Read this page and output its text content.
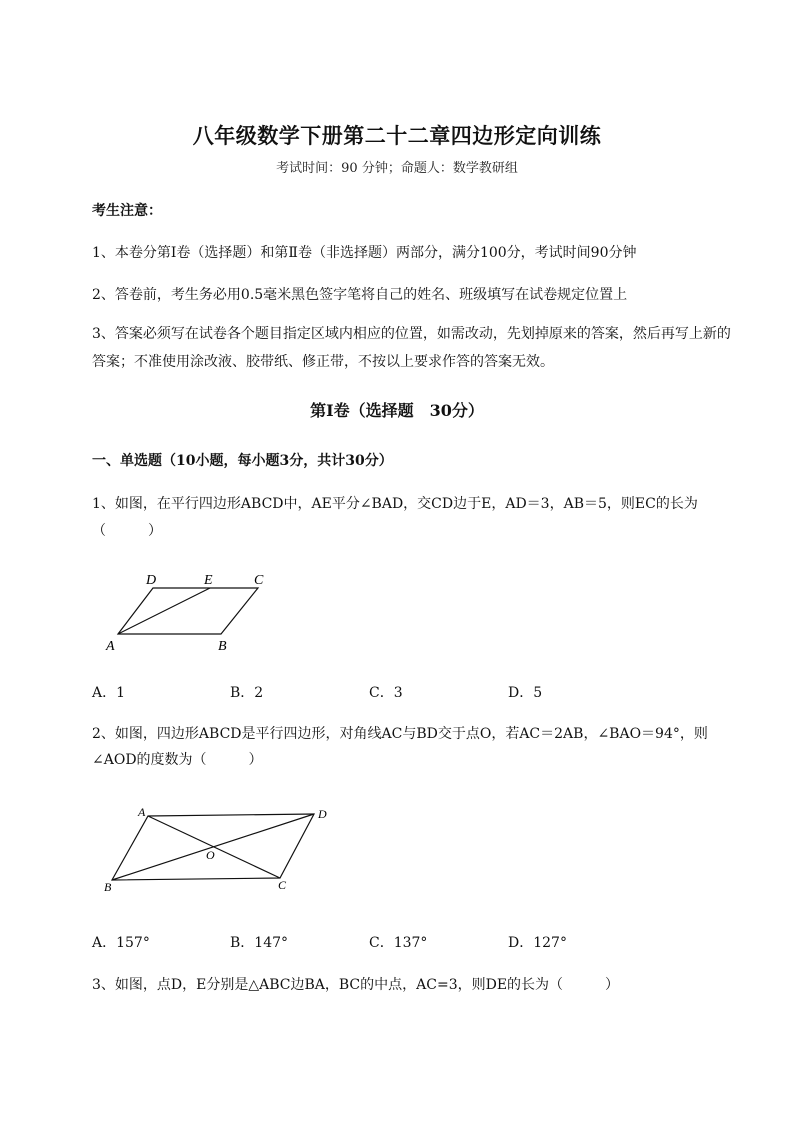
八年级数学下册第二十二章四边形定向训练
考试时间：90 分钟；命题人：数学教研组
考生注意：
1、本卷分第Ⅰ卷（选择题）和第Ⅱ卷（非选择题）两部分，满分100分，考试时间90分钟
2、答卷前，考生务必用0.5毫米黑色签字笔将自己的姓名、班级填写在试卷规定位置上
3、答案必须写在试卷各个题目指定区域内相应的位置，如需改动，先划掉原来的答案，然后再写上新的答案；不准使用涂改液、胶带纸、修正带，不按以上要求作答的答案无效。
第Ⅰ卷（选择题　30分）
一、单选题（10小题，每小题3分，共计30分）
1、如图，在平行四边形ABCD中，AE平分∠BAD，交CD边于E，AD＝3，AB＝5，则EC的长为
（　　　）
D	E	C
A	B
A．1	B．2	C．3	D．5
2、如图，四边形ABCD是平行四边形，对角线AC与BD交于点O，若AC＝2AB，∠BAO＝94°，则
∠AOD的度数为（　　　）
A	D
O
B	C
A．157°	B．147°	C．137°	D．127°
3、如图，点D，E分别是△ABC边BA，BC的中点，AC=3，则DE的长为（　　　）
